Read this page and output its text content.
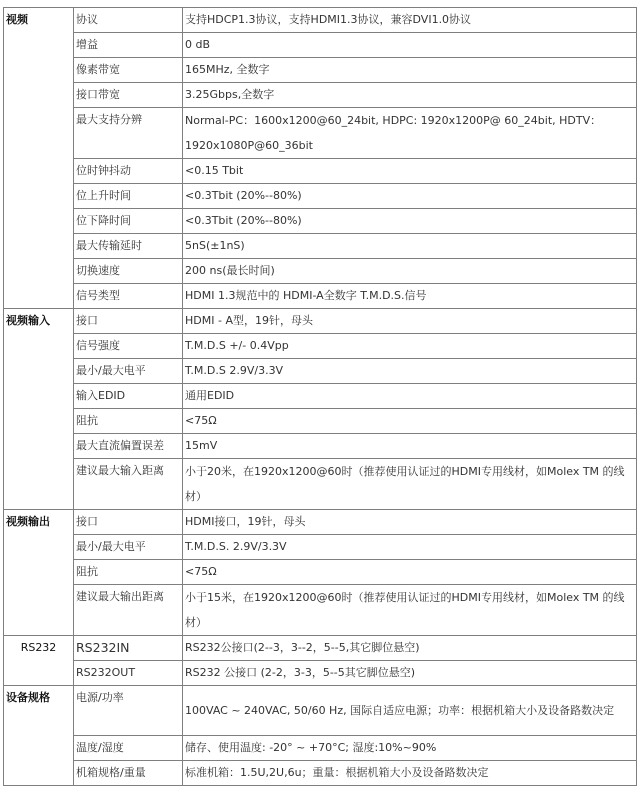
视频	协议	支持HDCP1.3协议，支持HDMI1.3协议，兼容DVI1.0协议
	增益	0 dB
	像素带宽	165MHz, 全数字
	接口带宽	3.25Gbps,全数字
	最大支持分辨	Normal-PC：1600x1200@60_24bit, HDPC: 1920x1200P@ 60_24bit, HDTV：1920x1080P@60_36bit
	位时钟抖动	<0.15 Tbit
	位上升时间	<0.3Tbit (20%--80%)
	位下降时间	<0.3Tbit (20%--80%)
	最大传输延时	5nS(±1nS)
	切换速度	200 ns(最长时间)
	信号类型	HDMI 1.3规范中的 HDMI-A全数字 T.M.D.S.信号
视频输入	接口	HDMI - A型，19针，母头
	信号强度	T.M.D.S +/- 0.4Vpp
	最小/最大电平	T.M.D.S 2.9V/3.3V
	输入EDID	通用EDID
	阻抗	<75Ω
	最大直流偏置误差	15mV
	建议最大输入距离	小于20米，在1920x1200@60时（推荐使用认证过的HDMI专用线材，如Molex TM 的线材）
视频输出	接口	HDMI接口，19针，母头
	最小/最大电平	T.M.D.S. 2.9V/3.3V
	阻抗	<75Ω
	建议最大输出距离	小于15米，在1920x1200@60时（推荐使用认证过的HDMI专用线材，如Molex TM 的线材）
RS232	RS232IN	RS232公接口(2--3，3--2，5--5,其它脚位悬空)
	RS232OUT	RS232 公接口 (2-2，3-3，5--5其它脚位悬空)
设备规格	电源/功率	100VAC ~ 240VAC, 50/60 Hz, 国际自适应电源；功率：根据机箱大小及设备路数决定
	温度/湿度	储存、使用温度: -20° ~ +70°C; 湿度:10%~90%
	机箱规格/重量	标准机箱：1.5U,2U,6u；重量：根据机箱大小及设备路数决定
